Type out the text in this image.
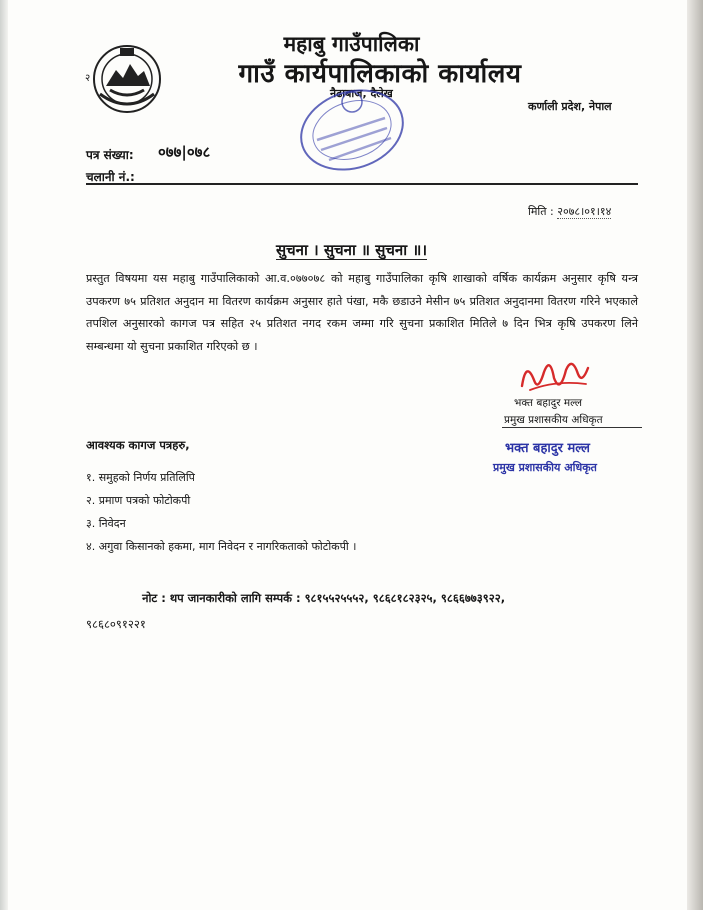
२
महाबु गाउँपालिका
गाउँ कार्यपालिकाको कार्यालय
नैढाबाज, दैलेख
कर्णाली प्रदेश, नेपाल
पत्र संख्या: ०७७|०७८
चलानी नं.:
मिति : २०७८।०१।१४
सुचना । सुचना ॥ सुचना ॥।
प्रस्तुत विषयमा यस महाबु गाउँपालिकाको आ.व.०७७०७८ को महाबु गाउँपालिका कृषि शाखाको वर्षिक कार्यक्रम अनुसार कृषि यन्त्र उपकरण ७५ प्रतिशत अनुदान मा वितरण कार्यक्रम अनुसार हाते पंखा, मकै छडाउने मेसीन ७५ प्रतिशत अनुदानमा वितरण गरिने भएकाले तपशिल अनुसारको कागज पत्र सहित २५ प्रतिशत नगद रकम जम्मा गरि सुचना प्रकाशित मितिले ७ दिन भित्र कृषि उपकरण लिने सम्बन्धमा यो सुचना प्रकाशित गरिएको छ ।
भक्त बहादुर मल्ल
प्रमुख प्रशासकीय अधिकृत
भक्त बहादुर मल्ल
प्रमुख प्रशासकीय अधिकृत
आवश्यक कागज पत्रहरु,
१. समुहको निर्णय प्रतिलिपि
२. प्रमाण पत्रको फोटोकपी
३. निवेदन
४. अगुवा किसानको हकमा, माग निवेदन र नागरिकताको फोटोकपी ।
नोट : थप जानकारीको लागि सम्पर्क : ९८१५५२५५५२, ९८६८१८२३२५, ९८६६७७३९२२,
९८६८०९१२२१
